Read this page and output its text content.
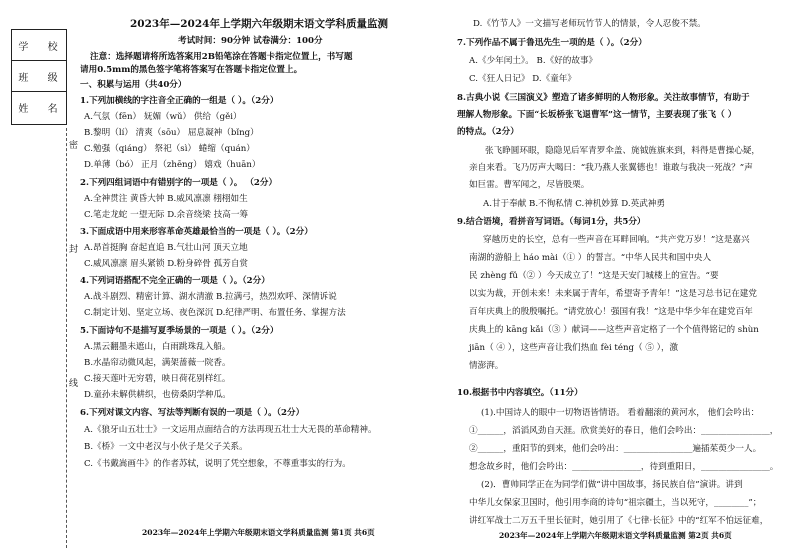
学 校
班 级
姓 名
密
封
线
2023年—2024年上学期六年级期末语文学科质量监测
考试时间：90分钟 试卷满分：100分
注意：选择题请将所选答案用2B铅笔涂在答题卡指定位置上，书写题
请用0.5mm的黑色签字笔将答案写在答题卡指定位置上。
一、积累与运用（共40分）
1.下列加横线的字注音全正确的一组是（ ）。（2分）
A.气氛（fēn） 妩媚（wǔ） 供给（gěi）
B.黎明（lí） 清爽（sōu） 屈息凝神（bǐng）
C.勉强（qiáng） 祭祀（sì） 蜷缩（quán）
D.单薄（bó） 正月（zhēng） 嬉戏（huān）
2.下列四组词语中有错别字的一项是（ ）。 （2分）
A.全神贯注 黄昏大钟 B.威风凛凛 栩栩如生
C.笔走龙蛇 一望无际 D.余音绕梁 技高一筹
3.下面成语中用来形容革命英雄最恰当的一项是（ ）。（2分）
A.昂首挺胸 奋起直追 B.气壮山河 顶天立地
C.威风凛凛 眉头紧锁 D.粉身碎骨 孤芳自赏
4.下列词语搭配不完全正确的一项是（ ）。（2分）
A.战斗剧烈、精密计算、湖水清澈 B.拉满弓，热烈欢呼、深情诉说
C.制定计划、坚定立场、夜色深沉 D.纪律严明、布置任务、掌握方法
5.下面诗句不是描写夏季场景的一项是（ ）。（2分）
A.黑云翻墨未遮山，白雨跳珠乱入船。
B.水晶帘动微风起，满架蔷薇一院香。
C.接天莲叶无穷碧，映日荷花别样红。
D.童孙未解供耕织，也傍桑阴学种瓜。
6.下列对课文内容、写法等判断有误的一项是（ ）。（2分）
A.《狼牙山五壮士》一文运用点面结合的方法再现五壮士大无畏的革命精神。
B.《桥》一文中老汉与小伙子是父子关系。
C.《书戴嵩画牛》的作者苏轼，说明了凭空想象，不尊重事实的行为。
2023年—2024年上学期六年级期末语文学科质量监测 第1页 共6页
D.《竹节人》一文描写老师玩竹节人的情景，令人忍俊不禁。
7.下列作品不属于鲁迅先生一项的是（ ）。（2分）
A.《少年闰土》。 B.《好的故事》
C.《狂人日记》 D.《童年》
8.古典小说《三国演义》塑造了诸多鲜明的人物形象。关注故事情节，有助于
理解人物形象。下面“长坂桥张飞退曹军”这一情节，主要表现了张飞（ ）
的特点。（2分）
张飞睁圆环眼，隐隐见后军青罗伞盖、旄钺旌旗来到，料得是曹操心疑，
亲自来看。飞乃厉声大喝曰：“我乃燕人张翼德也！谁敢与我决一死战？”声
如巨雷。曹军闻之，尽皆股栗。
A.甘于奉献 B.不徇私情 C.神机妙算 D.英武神勇
9.结合语境，看拼音写词语。（每词1分，共5分）
穿越历史的长空，总有一些声音在耳畔回响。“共产党万岁！”这是嘉兴
南湖的游船上 háo mài（① ）的誓言。“中华人民共和国中央人
民 zhèng fǔ（② ）今天成立了！”这是天安门城楼上的宣告。“要
以实为裁，开创未来！未来属于青年，希望寄予青年！”这是习总书记在建党
百年庆典上的殷殷嘱托。“请党放心！强国有我！”这是中华少年在建党百年
庆典上的 kāng kǎi（③ ）献词——这些声音定格了一个个值得铭记的 shùn
jiān（ ④ ），这些声音让我们热血 fèi téng（ ⑤ ），激
情澎湃。
10.根据书中内容填空。（11分）
(1).中国诗人的眼中一切物语皆情语。 看着翻滚的黄河水， 他们会吟出：
①______，滔滔风劲自天涯。欣赏美好的春日，他们会吟出：________________，
②______，重阳节的到来，他们会吟出：________________遍插茱萸少一人。
想念故乡时，他们会吟出：________________，待到重阳日，________________。
(2)．曹帅同学正在为同学们做“讲中国故事，扬民族自信”演讲。讲到
中华儿女保家卫国时，他引用李商的诗句“祖宗疆土，当以死守，________”；
讲红军战士二万五千里长征时，她引用了《七律·长征》中的“红军不怕远征难，
2023年—2024年上学期六年级期末语文学科质量监测 第2页 共6页
